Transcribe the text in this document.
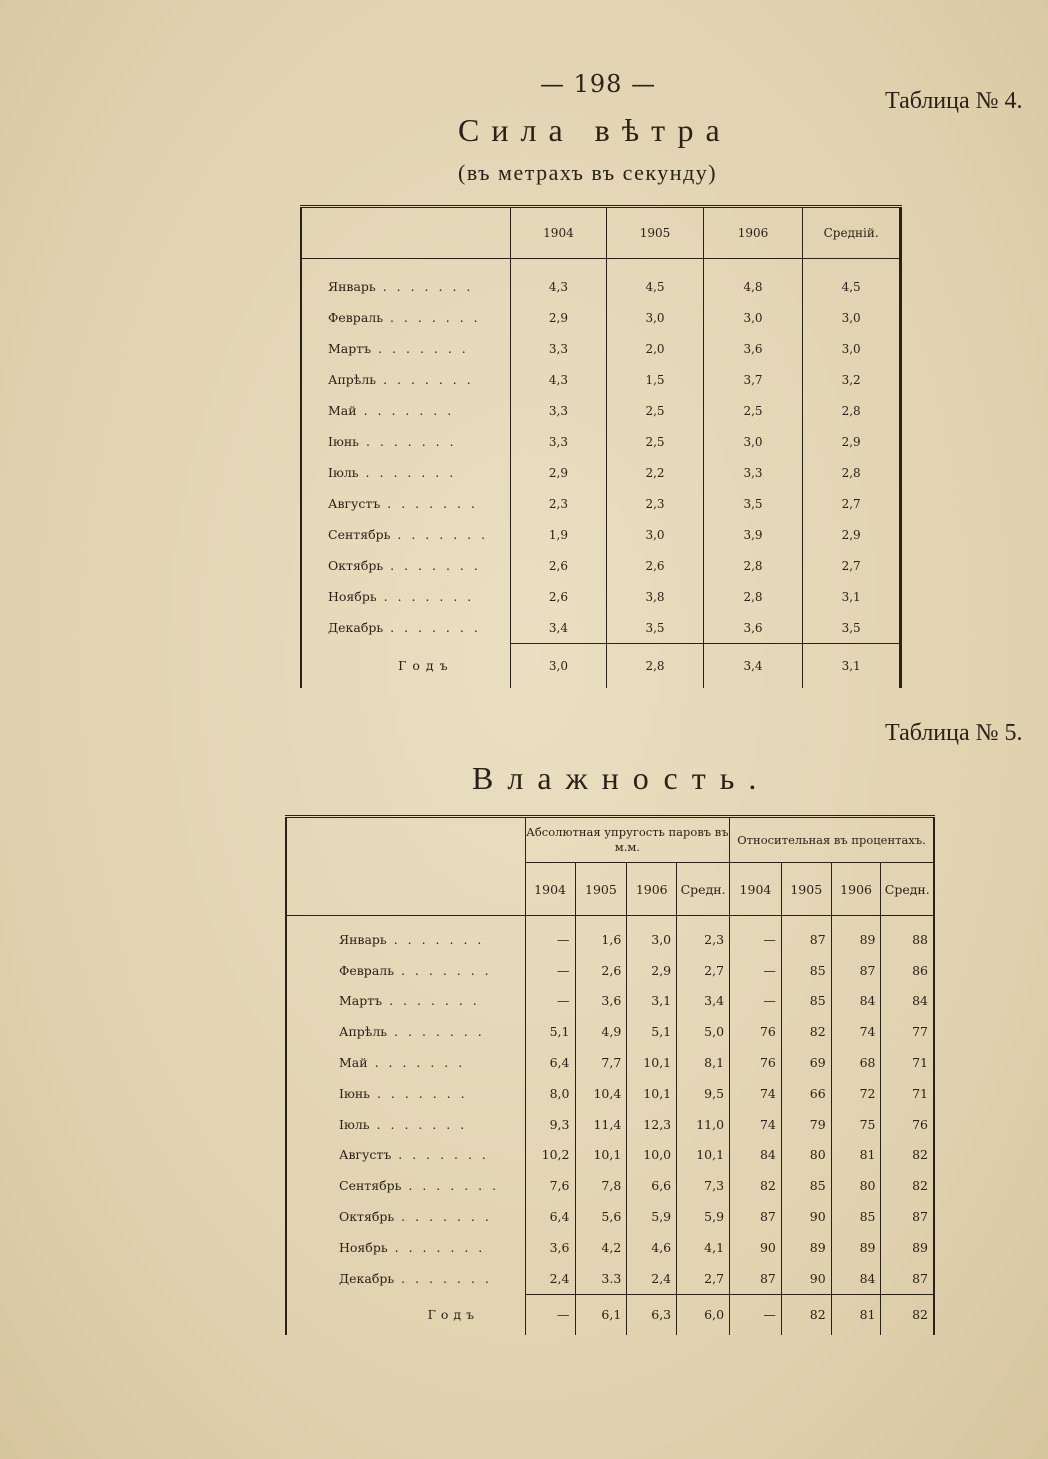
— 198 —
Таблица № 4.
Сила вѣтра
(въ метрахъ въ секунду)
	1904	1905	1906	Средній.
Январь . . . . . . .	4,3	4,5	4,8	4,5
Февраль . . . . . . .	2,9	3,0	3,0	3,0
Мартъ . . . . . . .	3,3	2,0	3,6	3,0
Апрѣль . . . . . . .	4,3	1,5	3,7	3,2
Май . . . . . . .	3,3	2,5	2,5	2,8
Іюнь . . . . . . .	3,3	2,5	3,0	2,9
Іюль . . . . . . .	2,9	2,2	3,3	2,8
Августъ . . . . . . .	2,3	2,3	3,5	2,7
Сентябрь . . . . . . .	1,9	3,0	3,9	2,9
Октябрь . . . . . . .	2,6	2,6	2,8	2,7
Ноябрь . . . . . . .	2,6	3,8	2,8	3,1
Декабрь . . . . . . .	3,4	3,5	3,6	3,5
Годъ	3,0	2,8	3,4	3,1
Таблица № 5.
Влажность.
	Абсолютная упругость паровъ въ м.м.				Относительная въ процентахъ.			
	1904	1905	1906	Средн.	1904	1905	1906	Средн.
Январь . . . . . . .	—	1,6	3,0	2,3	—	87	89	88
Февраль . . . . . . .	—	2,6	2,9	2,7	—	85	87	86
Мартъ . . . . . . .	—	3,6	3,1	3,4	—	85	84	84
Апрѣль . . . . . . .	5,1	4,9	5,1	5,0	76	82	74	77
Май . . . . . . .	6,4	7,7	10,1	8,1	76	69	68	71
Іюнь . . . . . . .	8,0	10,4	10,1	9,5	74	66	72	71
Іюль . . . . . . .	9,3	11,4	12,3	11,0	74	79	75	76
Августъ . . . . . . .	10,2	10,1	10,0	10,1	84	80	81	82
Сентябрь . . . . . . .	7,6	7,8	6,6	7,3	82	85	80	82
Октябрь . . . . . . .	6,4	5,6	5,9	5,9	87	90	85	87
Ноябрь . . . . . . .	3,6	4,2	4,6	4,1	90	89	89	89
Декабрь . . . . . . .	2,4	3.3	2,4	2,7	87	90	84	87
Годъ	—	6,1	6,3	6,0	—	82	81	82
